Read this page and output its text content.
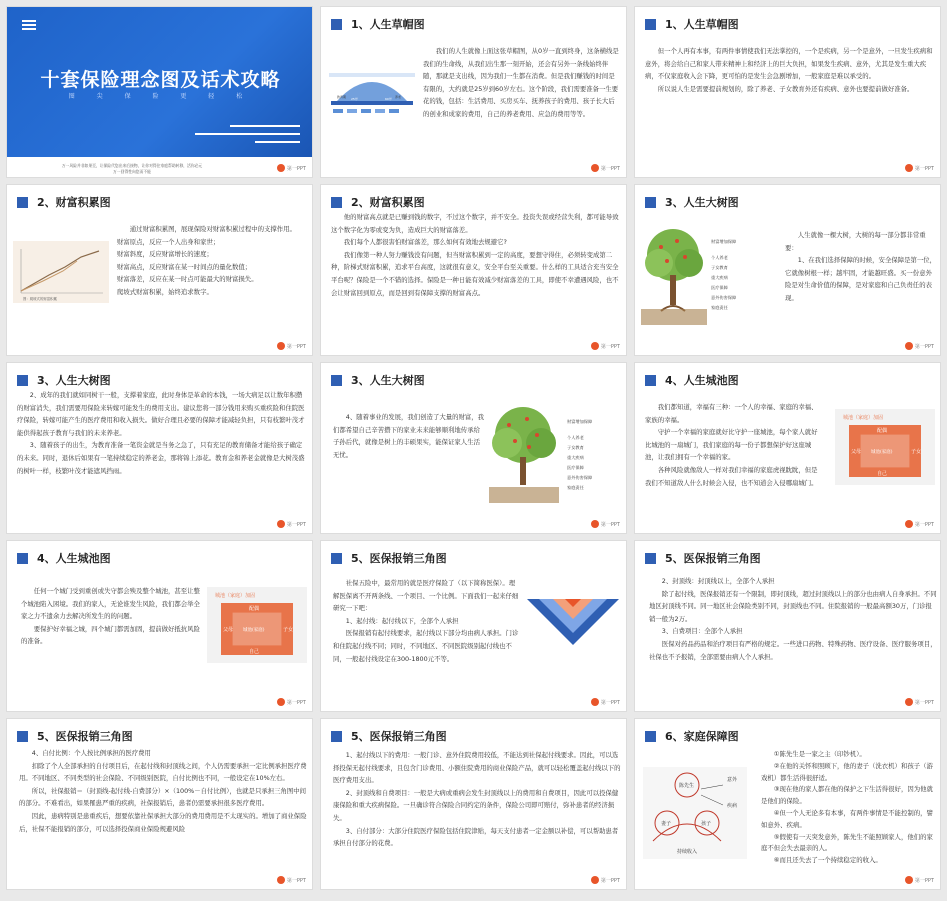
十套保险理念图及话术攻略
图 尖 保 险 更 轻 松
万一风险并非如果至，让保险代您出来后接物，让你对得住家庭帮助转移，活你必元
万一回得性向您而不能	第一PPT
1、人生草帽图
教育期	养老
25岁	60岁

我们的人生就像上面这张草帽图，从0岁一直到终身，这条横线是我们的生命线，从我们出生那一刻开始，还会有另外一条线始终伴随，那就是支出线，因为我们一生都在消费。但是我们赚钱的时间是有限的，大约就是25岁到60岁左右。这个阶段，我们需要准备一生要花的钱，包括：生活费用、买房买车、抚养孩子的费用、孩子长大后的创业和成家的费用，自己的养老费用、应急的费用等等。

第一PPT
1、人生草帽图

但一个人再有本事，有两件事情使我们无法掌控的，一个是疾病，另一个是意外，一旦发生疾病和意外，将会给自己和家人带来精神上和经济上的巨大负担，如果发生疾病、意外，尤其是发生重大疾病，不仅家庭收入会下降，更可怕的是发生会急剧增加，一般家庭是难以承受的。

所以说人生是需要提前规划的，除了养老、子女教育外还有疾病、意外也要提前做好准备。

第一PPT
2、财富积累图
图：爬坡式的财富积累

通过财富积累图，展现保险对财富积累过程中的支撑作用。

财富原点，反应一个人出身和家世；

财富斜度，反应财富增长的速度；

财富高点，反应财富在某一时间点的量化数值；

财富落差，反应在某一时点可能最大的财富损失。

爬坡式财富积累，始终追求数字。

第一PPT
2、财富积累图

他的财富高点就是已赚到钱的数字，不过这个数字，并不安全。投资失误或经营失利，都可能导致这个数字化为零或变为负，造成巨大的财富落差。

我们每个人都很害怕财富落差，那么如何有效地去规避它?

我们像第一种人努力赚钱没有问题，但当财富积累到一定的高度，要想守得住，必须转变成第二种，阶梯式财富积累，追求平台高度，这就很有意义，安全平台至关重要。什么样的工具适合充当安全平台呢？保险是一个不错的选择。保险是一种日能有效减少财富落差的工具，即使不幸遭遇风险，也不会让财富回到原点，而是回到有保障支撑的财富高点。

第一PPT
3、人生大树图
财富增加保障
个人养老
子女教育
重大疾病
医疗保障
意外伤害保障
家庭责任

人生就像一棵大树，大树的每一部分都非常重要：

1、在我们选择保障的时候，安全保障是第一位，它就像树根一样；越牢固，才能越旺盛。买一份意外险是对生命价值的保障，是对家庭和自己负责任的表现。

第一PPT
3、人生大树图

2、成年的我们就如同树干一般，支撑着家庭，此时身体是革命的本钱，一场大病足以让数年积攒的财富消失，我们需要用保险来转嫁可能发生的费用支出。建议您将一部分钱用来购买重疾险和住院医疗保险，转嫁可能产生的医疗费用和收入损失。做好合理且必要的保障才能减轻负担，只有枝繁叶茂才能供得起孩子教育与我们的未来养老。

3、随着孩子的出生，为教育准备一笔资金就是当务之急了，只有充足的教育储备才能给孩子确定的未来。同时，退休后如果有一笔持续稳定的养老金，那将锦上添花。教育金和养老金就像是大树茂盛的树叶一样，枝繁叶茂才能遮风挡雨。

第一PPT
3、人生大树图

4、随着事业的发展，我们创造了大量的财富，我们都希望自己辛苦攒下的家业未来能够顺利地传承给子孙后代，就像是树上的丰硕果实，能保证家人生活无忧。

财富增加保障
个人养老
子女教育
重大疾病
医疗保障
意外伤害保障
家庭责任
第一PPT
4、人生城池图

我们都知道，幸福有三种：一个人的幸福、家庭的幸福、家族的幸福。

守护一个幸福的家庭就好比守护一座城池，每个家人就好比城池的一扇城门，我们家庭的每一份子都想保护好这座城池，让我们拥有一个幸福的家。

各种风险就像敌人一样对我们幸福的家庭虎视眈眈，但是我们不知道敌人什么时候会入侵，也不知道会入侵哪扇城门。

城池（家庭）加固
配偶
父母	子女
城池(家庭)
自己
第一PPT
4、人生城池图

任何一个城门受到重创或失守都会殃及整个城池，甚至让整个城池陷入困境。我们的家人，无论谁发生风险，我们都会举全家之力不遗余力去解决所发生的的问题。

要保护好幸福之城，四个城门都需加固，提前做好抵抗风险的准备。

城池（家庭）加固
配偶
父母	子女
城池(家庭)
自己
第一PPT
5、医保报销三角图

社保五险中，最常用的就是医疗保险了（以下简称医保）。理解医保离不开两条线、一个项目、一个比例。下面我们一起来仔细研究一下吧：

1、起付线：起付线以下，全部个人承担

医保报销有起付线要求，起付线以下部分均由病人承担。门诊和住院起付线不同；同时，不同地区、不同医院级别起付线也不同，一般起付线设定在300-1800元不等。

第一PPT
5、医保报销三角图

2、封顶线：封顶线以上，全部个人承担

除了起付线，医保报销还有一个限制，即封顶线，超过封顶线以上的部分也由病人自身承担。不同地区封顶线不同。同一地区社会保险类别不同，封顶线也不同。住院报销的一般最高额30万，门诊报销一般为2万。

3、自费项目：全部个人承担

医保对药品药品和治疗项目有严格的规定。一些进口药物、特殊药物、医疗设备、医疗服务项目，社保也不予报销，全部需要由病人个人承担。

第一PPT
5、医保报销三角图

4、自付比例：个人按比例承担的医疗费用

扣除了个人全部承担的自付项目后，在起付线和封顶线之间，个人仍需要承担一定比例承担医疗费用。不同地区、不同类型的社会保险、不同级别医院，自付比例也不同，一般设定在10%左右。

所以，社保报销＝（封顶线-起付线-自费部分）×（100%－自付比例），也就是只承担三角图中间的部分。不难看出，如果罹患严重的疾病，社保报销后，患者仍需要承担很多医疗费用。

因此，患病特别是患重疾后，想要依靠社保承担大部分的费用费用是不太现实的。增加了商业保险后，社保不能报销的部分，可以选择投保商业保险规避风险

第一PPT
5、医保报销三角图

1、起付线以下的费用：一般门诊、意外住院费用较低，不能达到社保起付线要求。因此，可以选择投保无起付线要求，且包含门诊费用、小额住院费用的商业保险产品，就可以轻松覆盖起付线以下的医疗费用支出。

2、封顶线和自费项目：一般是大病或重病会发生封顶线以上的费用和自费项目，因此可以投保健康保险和重大疾病保险。一旦确诊符合保险合同约定的条件，保险公司即可赔付，弥补患者的经济损失。

3、自付部分：大部分住院医疗保险包括住院津贴，每天支付患者一定金额以补偿，可以帮助患者承担自付部分的花费。

第一PPT
6、家庭保障图
陈先生
妻子	孩子
持续收入
意外
疾病

①陈先生是一家之主（印钞机）。

②在他的关怀和照顾下，他的妻子（洗衣机）和孩子（游戏机）都生活得很舒适。

③现在他的家人都在他的保护之下生活得很好，因为他就是他们的保险。

④但一个人无论多有本事，有两件事情是不能控制的，譬如意外、疾病。

⑤假使有一天突发意外，陈先生不能照顾家人，他们的家庭不但会失去最亲的人。

⑥而且还失去了一个持续稳定的收入。

第一PPT
